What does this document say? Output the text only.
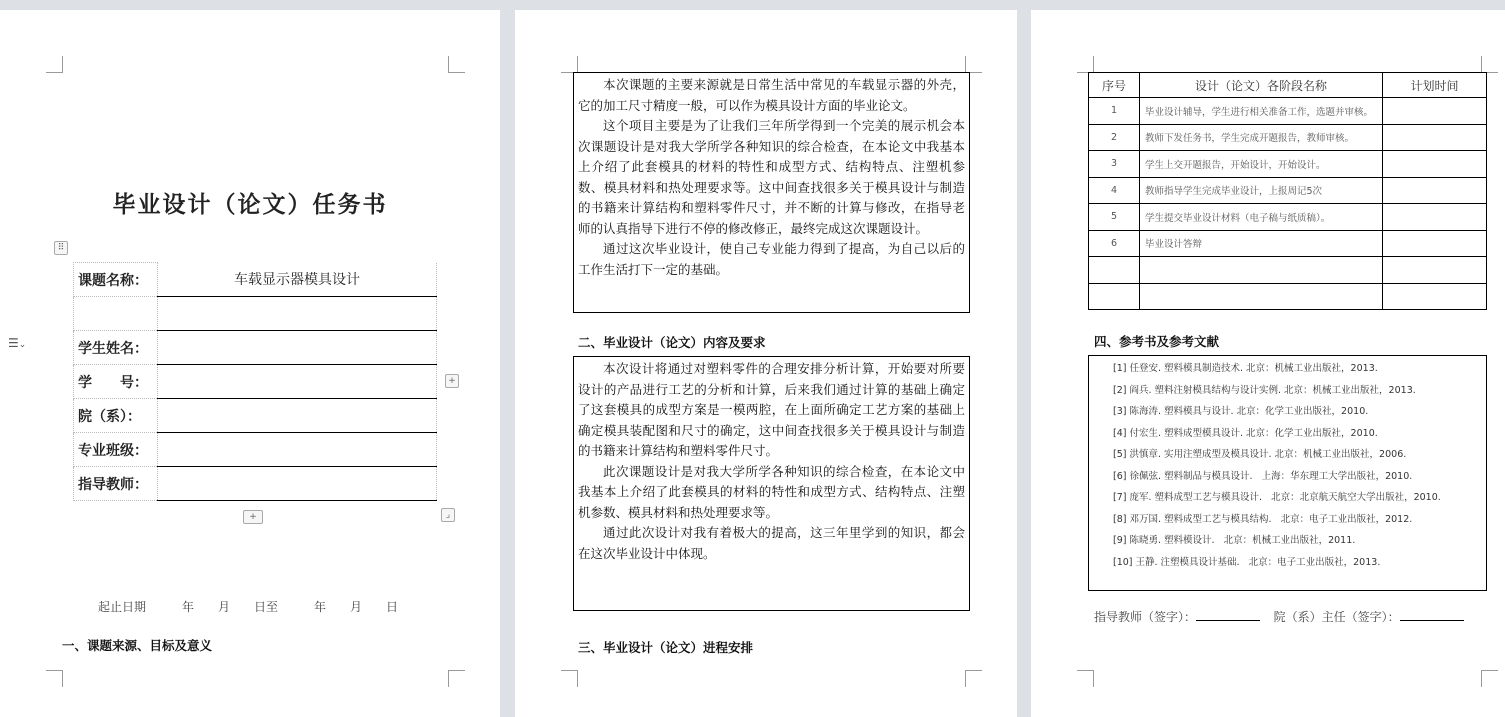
毕业设计（论文）任务书
⠿
☰⌄
课题名称：	车载显示器模具设计

学生姓名：	
学　　号：	
院（系）：	
专业班级：	
指导教师：	
+
+	⌟
起止日期　　　年　　月　　日至　　　年　　月　　日
一、课题来源、目标及意义

本次课题的主要来源就是日常生活中常见的车载显示器的外壳，它的加工尺寸精度一般，可以作为模具设计方面的毕业论文。

这个项目主要是为了让我们三年所学得到一个完美的展示机会本次课题设计是对我大学所学各种知识的综合检查，在本论文中我基本上介绍了此套模具的材料的特性和成型方式、结构特点、注塑机参数、模具材料和热处理要求等。这中间查找很多关于模具设计与制造的书籍来计算结构和塑料零件尺寸，并不断的计算与修改，在指导老师的认真指导下进行不停的修改修正，最终完成这次课题设计。

通过这次毕业设计，使自己专业能力得到了提高，为自己以后的工作生活打下一定的基础。

二、毕业设计（论文）内容及要求

本次设计将通过对塑料零件的合理安排分析计算，开始要对所要设计的产品进行工艺的分析和计算，后来我们通过计算的基础上确定了这套模具的成型方案是一模两腔，在上面所确定工艺方案的基础上确定模具装配图和尺寸的确定，这中间查找很多关于模具设计与制造的书籍来计算结构和塑料零件尺寸。

此次课题设计是对我大学所学各种知识的综合检查，在本论文中我基本上介绍了此套模具的材料的特性和成型方式、结构特点、注塑机参数、模具材料和热处理要求等。

通过此次设计对我有着极大的提高，这三年里学到的知识，都会在这次毕业设计中体现。

三、毕业设计（论文）进程安排
序号	设计（论文）各阶段名称	计划时间
1	毕业设计辅导，学生进行相关准备工作，选题并审核。	
2	教师下发任务书，学生完成开题报告，教师审核。	
3	学生上交开题报告，开始设计，开始设计。	
4	教师指导学生完成毕业设计，上报周记5次	
5	学生提交毕业设计材料（电子稿与纸质稿）。	
6	毕业设计答辩	

四、参考书及参考文献
[1] 任登安. 塑料模具制造技术. 北京：机械工业出版社，2013.
[2] 阎兵. 塑料注射模具结构与设计实例. 北京：机械工业出版社，2013.
[3] 陈海涛. 塑料模具与设计. 北京：化学工业出版社，2010.
[4] 付宏生. 塑料成型模具设计. 北京：化学工业出版社，2010.
[5] 洪慎章. 实用注塑成型及模具设计. 北京：机械工业出版社，2006.
[6] 徐佩弦. 塑料制品与模具设计.   上海：华东理工大学出版社，2010.
[7] 庞军. 塑料成型工艺与模具设计.   北京：北京航天航空大学出版社，2010.
[8] 邓万国. 塑料成型工艺与模具结构.   北京：电子工业出版社，2012.
[9] 陈晓勇. 塑料模设计.   北京：机械工业出版社，2011.
[10] 王静. 注塑模具设计基础.   北京：电子工业出版社，2013.
指导教师（签字）：	院（系）主任（签字）：
